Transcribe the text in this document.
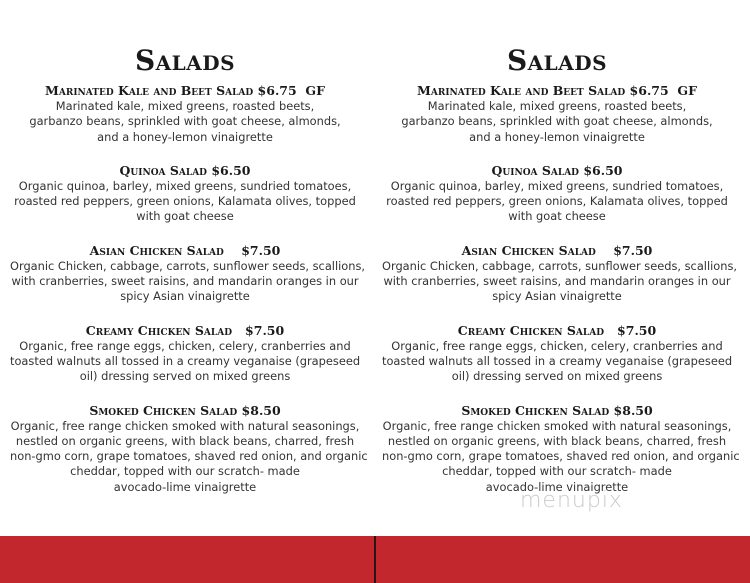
Salads
Marinated Kale and Beet Salad $6.75  GF
Marinated kale, mixed greens, roasted beets,
garbanzo beans, sprinkled with goat cheese, almonds,
and a honey-lemon vinaigrette
Quinoa Salad $6.50
Organic quinoa, barley, mixed greens, sundried tomatoes,
roasted red peppers, green onions, Kalamata olives, topped
with goat cheese
Asian Chicken Salad    $7.50
Organic Chicken, cabbage, carrots, sunflower seeds, scallions,
with cranberries, sweet raisins, and mandarin oranges in our
spicy Asian vinaigrette
Creamy Chicken Salad   $7.50
Organic, free range eggs, chicken, celery, cranberries and
toasted walnuts all tossed in a creamy veganaise (grapeseed
oil) dressing served on mixed greens
Smoked Chicken Salad $8.50
Organic, free range chicken smoked with natural seasonings,
nestled on organic greens, with black beans, charred, fresh
non-gmo corn, grape tomatoes, shaved red onion, and organic
cheddar, topped with our scratch- made
avocado-lime vinaigrette
Salads
Marinated Kale and Beet Salad $6.75  GF
Marinated kale, mixed greens, roasted beets,
garbanzo beans, sprinkled with goat cheese, almonds,
and a honey-lemon vinaigrette
Quinoa Salad $6.50
Organic quinoa, barley, mixed greens, sundried tomatoes,
roasted red peppers, green onions, Kalamata olives, topped
with goat cheese
Asian Chicken Salad    $7.50
Organic Chicken, cabbage, carrots, sunflower seeds, scallions,
with cranberries, sweet raisins, and mandarin oranges in our
spicy Asian vinaigrette
Creamy Chicken Salad   $7.50
Organic, free range eggs, chicken, celery, cranberries and
toasted walnuts all tossed in a creamy veganaise (grapeseed
oil) dressing served on mixed greens
Smoked Chicken Salad $8.50
Organic, free range chicken smoked with natural seasonings,
nestled on organic greens, with black beans, charred, fresh
non-gmo corn, grape tomatoes, shaved red onion, and organic
cheddar, topped with our scratch- made
avocado-lime vinaigrette
menupix
